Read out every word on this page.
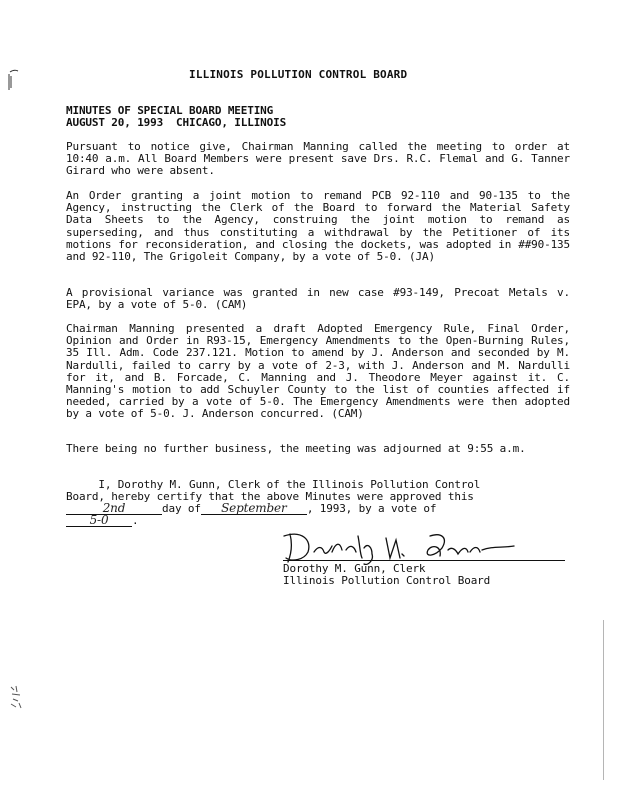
ILLINOIS POLLUTION CONTROL BOARD
MINUTES OF SPECIAL BOARD MEETING
AUGUST 20, 1993  CHICAGO, ILLINOIS
Pursuant to notice give, Chairman Manning called the meeting to order at 10:40 a.m. All Board Members were present save Drs. R.C. Flemal and G. Tanner Girard who were absent.
An Order granting a joint motion to remand PCB 92-110 and 90-135 to the Agency, instructing the Clerk of the Board to forward the Material Safety Data Sheets to the Agency, construing the joint motion to remand as superseding, and thus constituting a withdrawal by the Petitioner of its motions for reconsideration, and closing the dockets, was adopted in ##90-135 and 92-110, The Grigoleit Company, by a vote of 5-0. (JA)
A provisional variance was granted in new case #93-149, Precoat Metals v. EPA, by a vote of 5-0. (CAM)
Chairman Manning presented a draft Adopted Emergency Rule, Final Order, Opinion and Order in R93-15, Emergency Amendments to the Open-Burning Rules, 35 Ill. Adm. Code 237.121. Motion to amend by J. Anderson and seconded by M. Nardulli, failed to carry by a vote of 2-3, with J. Anderson and M. Nardulli for it, and B. Forcade, C. Manning and J. Theodore Meyer against it. C. Manning's motion to add Schuyler County to the list of counties affected if needed, carried by a vote of 5-0. The Emergency Amendments were then adopted by a vote of 5-0. J. Anderson concurred. (CAM)
There being no further business, the meeting was adjourned at 9:55 a.m.
I, Dorothy M. Gunn, Clerk of the Illinois Pollution Control
Board, hereby certify that the above Minutes were approved this
2nd	day of September , 1993, by a vote of
5-0 .
Dorothy M. Gunn, Clerk
Illinois Pollution Control Board
